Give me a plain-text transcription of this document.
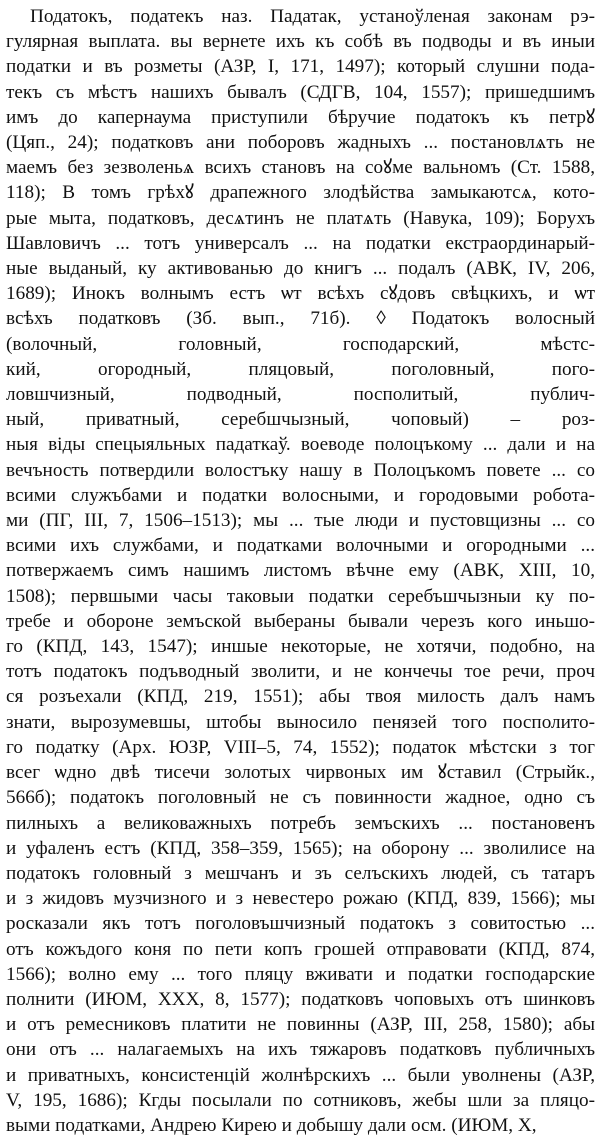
Податокъ, податекъ наз. Падатак, устаноўленая законам рэ-
гулярная выплата. вы вернете ихъ къ собѣ въ подводы и въ иныи
податки и въ розметы (АЗР, I, 171, 1497); который слушни пода-
текъ съ мѣстъ нашихъ бывалъ (СДГВ, 104, 1557); пришедшимъ
имъ до капернаума приступили бѣручие податокъ къ петрꙋ
(Цяп., 24); податковъ ани поборовъ жадныхъ ... постановлѧть не
маемъ без зезволеньѧ всихъ становъ на соꙋме вальномъ (Ст. 1588,
118); В томъ грѣхꙋ драпежного злодѣйства замыкаютсѧ, кото-
рые мыта, податковъ, десѧтинъ не платѧть (Навука, 109); Борухъ
Шавловичъ ... тотъ универсалъ ... на податки екстраординарый-
ные выданый, ку активованью до книгъ ... подалъ (АВК, IV, 206,
1689); Инокъ волнымъ естъ ѡт всѣхъ сꙋдовъ свѣцкихъ, и ѡт
всѣхъ податковъ (Зб. вып., 71б). ◊ Податокъ волосный
(волочный, головный, господарский, мѣстс-
кий, огородный, пляцовый, поголовный, пого-
ловшчизный, подводный, посполитый, публич-
ный, приватный, серебшчызный, чоповый) – роз-
ныя віды спецыяльных падаткаў. воеводе полоцъкому ... дали и на
вечъность потвердили волостъку нашу в Полоцъкомъ повете ... со
всими служъбами и податки волосными, и городовыми робота-
ми (ПГ, III, 7, 1506–1513); мы ... тые люди и пустовщизны ... со
всими ихъ службами, и податками волочными и огородными ...
потвержаемъ симъ нашимъ листомъ вѣчне ему (АВК, XIII, 10,
1508); первшыми часы таковыи податки серебъшчызныи ку по-
требе и обороне земъской выберaны бывали черезъ кого иньшо-
го (КПД, 143, 1547); иншые некоторые, не хотячи, подобно, на
тотъ податокъ подъводный зволити, и не кончечы тое речи, проч
ся розъехали (КПД, 219, 1551); абы твоя милость далъ намъ
знати, вырозумевшы, штобы выносило пенязей того посполито-
го податку (Арх. ЮЗР, VIII–5, 74, 1552); податок мѣстски з тог
всег ѡдно двѣ тисечи золотых чирвоных им ꙋставил (Стрыйк.,
566б); податокъ поголовный не съ повинности жадное, одно съ
пилныхъ а великоважныхъ потребъ земъскихъ ... постановенъ
и уфаленъ естъ (КПД, 358–359, 1565); на оборону ... зволилисе на
податокъ головный з мешчанъ и зъ селъскихъ людей, съ татаръ
и з жидовъ музчизного и з невестеро рожаю (КПД, 839, 1566); мы
росказали якъ тотъ поголовъшчизный податокъ з совитостью ...
отъ кожъдого коня по пети копъ грошей отправовати (КПД, 874,
1566); волно ему ... того пляцу вживати и податки господарские
полнити (ИЮМ, XXX, 8, 1577); податковъ чоповыхъ отъ шинковъ
и отъ ремесниковъ платити не повинны (АЗР, III, 258, 1580); абы
они отъ ... налагаемыхъ на ихъ тяжаровъ податковъ публичныхъ
и приватныхъ, консистенцій жолнѣрскихъ ... были уволнены (АЗР,
V, 195, 1686); Кгды посылали по сотниковъ, жебы шли за пляцо-
выми податками, Андрею Кирею и добышу дали осм. (ИЮМ, X,
